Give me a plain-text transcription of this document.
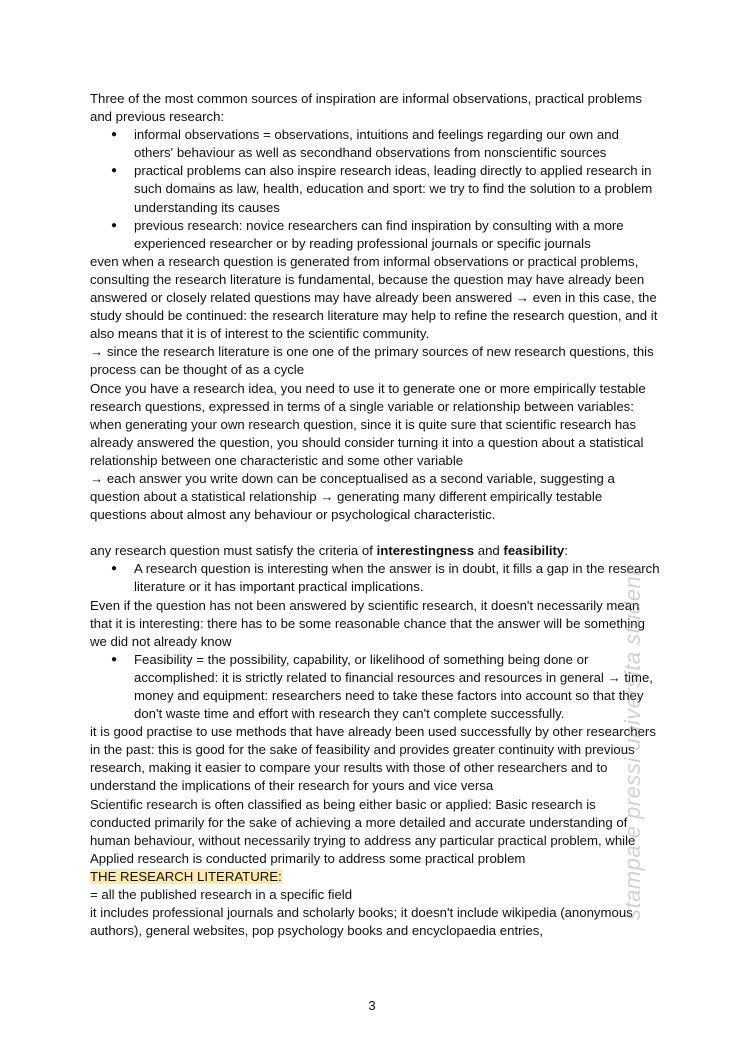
Three of the most common sources of inspiration are informal observations, practical problems and previous research:

● informal observations = observations, intuitions and feelings regarding our own and others' behaviour as well as secondhand observations from nonscientific sources
● practical problems can also inspire research ideas, leading directly to applied research in such domains as law, health, education and sport: we try to find the solution to a problem understanding its causes
● previous research: novice researchers can find inspiration by consulting with a more experienced researcher or by reading professional journals or specific journals

even when a research question is generated from informal observations or practical problems, consulting the research literature is fundamental, because the question may have already been answered or closely related questions may have already been answered → even in this case, the study should be continued: the research literature may help to refine the research question, and it also means that it is of interest to the scientific community.

→ since the research literature is one one of the primary sources of new research questions, this process can be thought of as a cycle

Once you have a research idea, you need to use it to generate one or more empirically testable research questions, expressed in terms of a single variable or relationship between variables: when generating your own research question, since it is quite sure that scientific research has already answered the question, you should consider turning it into a question about a statistical relationship between one characteristic and some other variable

→ each answer you write down can be conceptualised as a second variable, suggesting a question about a statistical relationship → generating many different empirically testable questions about almost any behaviour or psychological characteristic.

any research question must satisfy the criteria of interestingness and feasibility:

● A research question is interesting when the answer is in doubt, it fills a gap in the research literature or it has important practical implications.

Even if the question has not been answered by scientific research, it doesn't necessarily mean that it is interesting: there has to be some reasonable chance that the answer will be something we did not already know

● Feasibility = the possibility, capability, or likelihood of something being done or accomplished: it is strictly related to financial resources and resources in general → time, money and equipment: researchers need to take these factors into account so that they don't waste time and effort with research they can't complete successfully.

it is good practise to use methods that have already been used successfully by other researchers in the past: this is good for the sake of feasibility and provides greater continuity with previous research, making it easier to compare your results with those of other researchers and to understand the implications of their research for yours and vice versa

Scientific research is often classified as being either basic or applied: Basic research is conducted primarily for the sake of achieving a more detailed and accurate understanding of human behaviour, without necessarily trying to address any particular practical problem, while Applied research is conducted primarily to address some practical problem

THE RESEARCH LITERATURE:

= all the published research in a specific field

it includes professional journals and scholarly books; it doesn't include wikipedia (anonymous authors), general websites, pop psychology books and encyclopaedia entries,

stampa e pressi universita studenti
3
